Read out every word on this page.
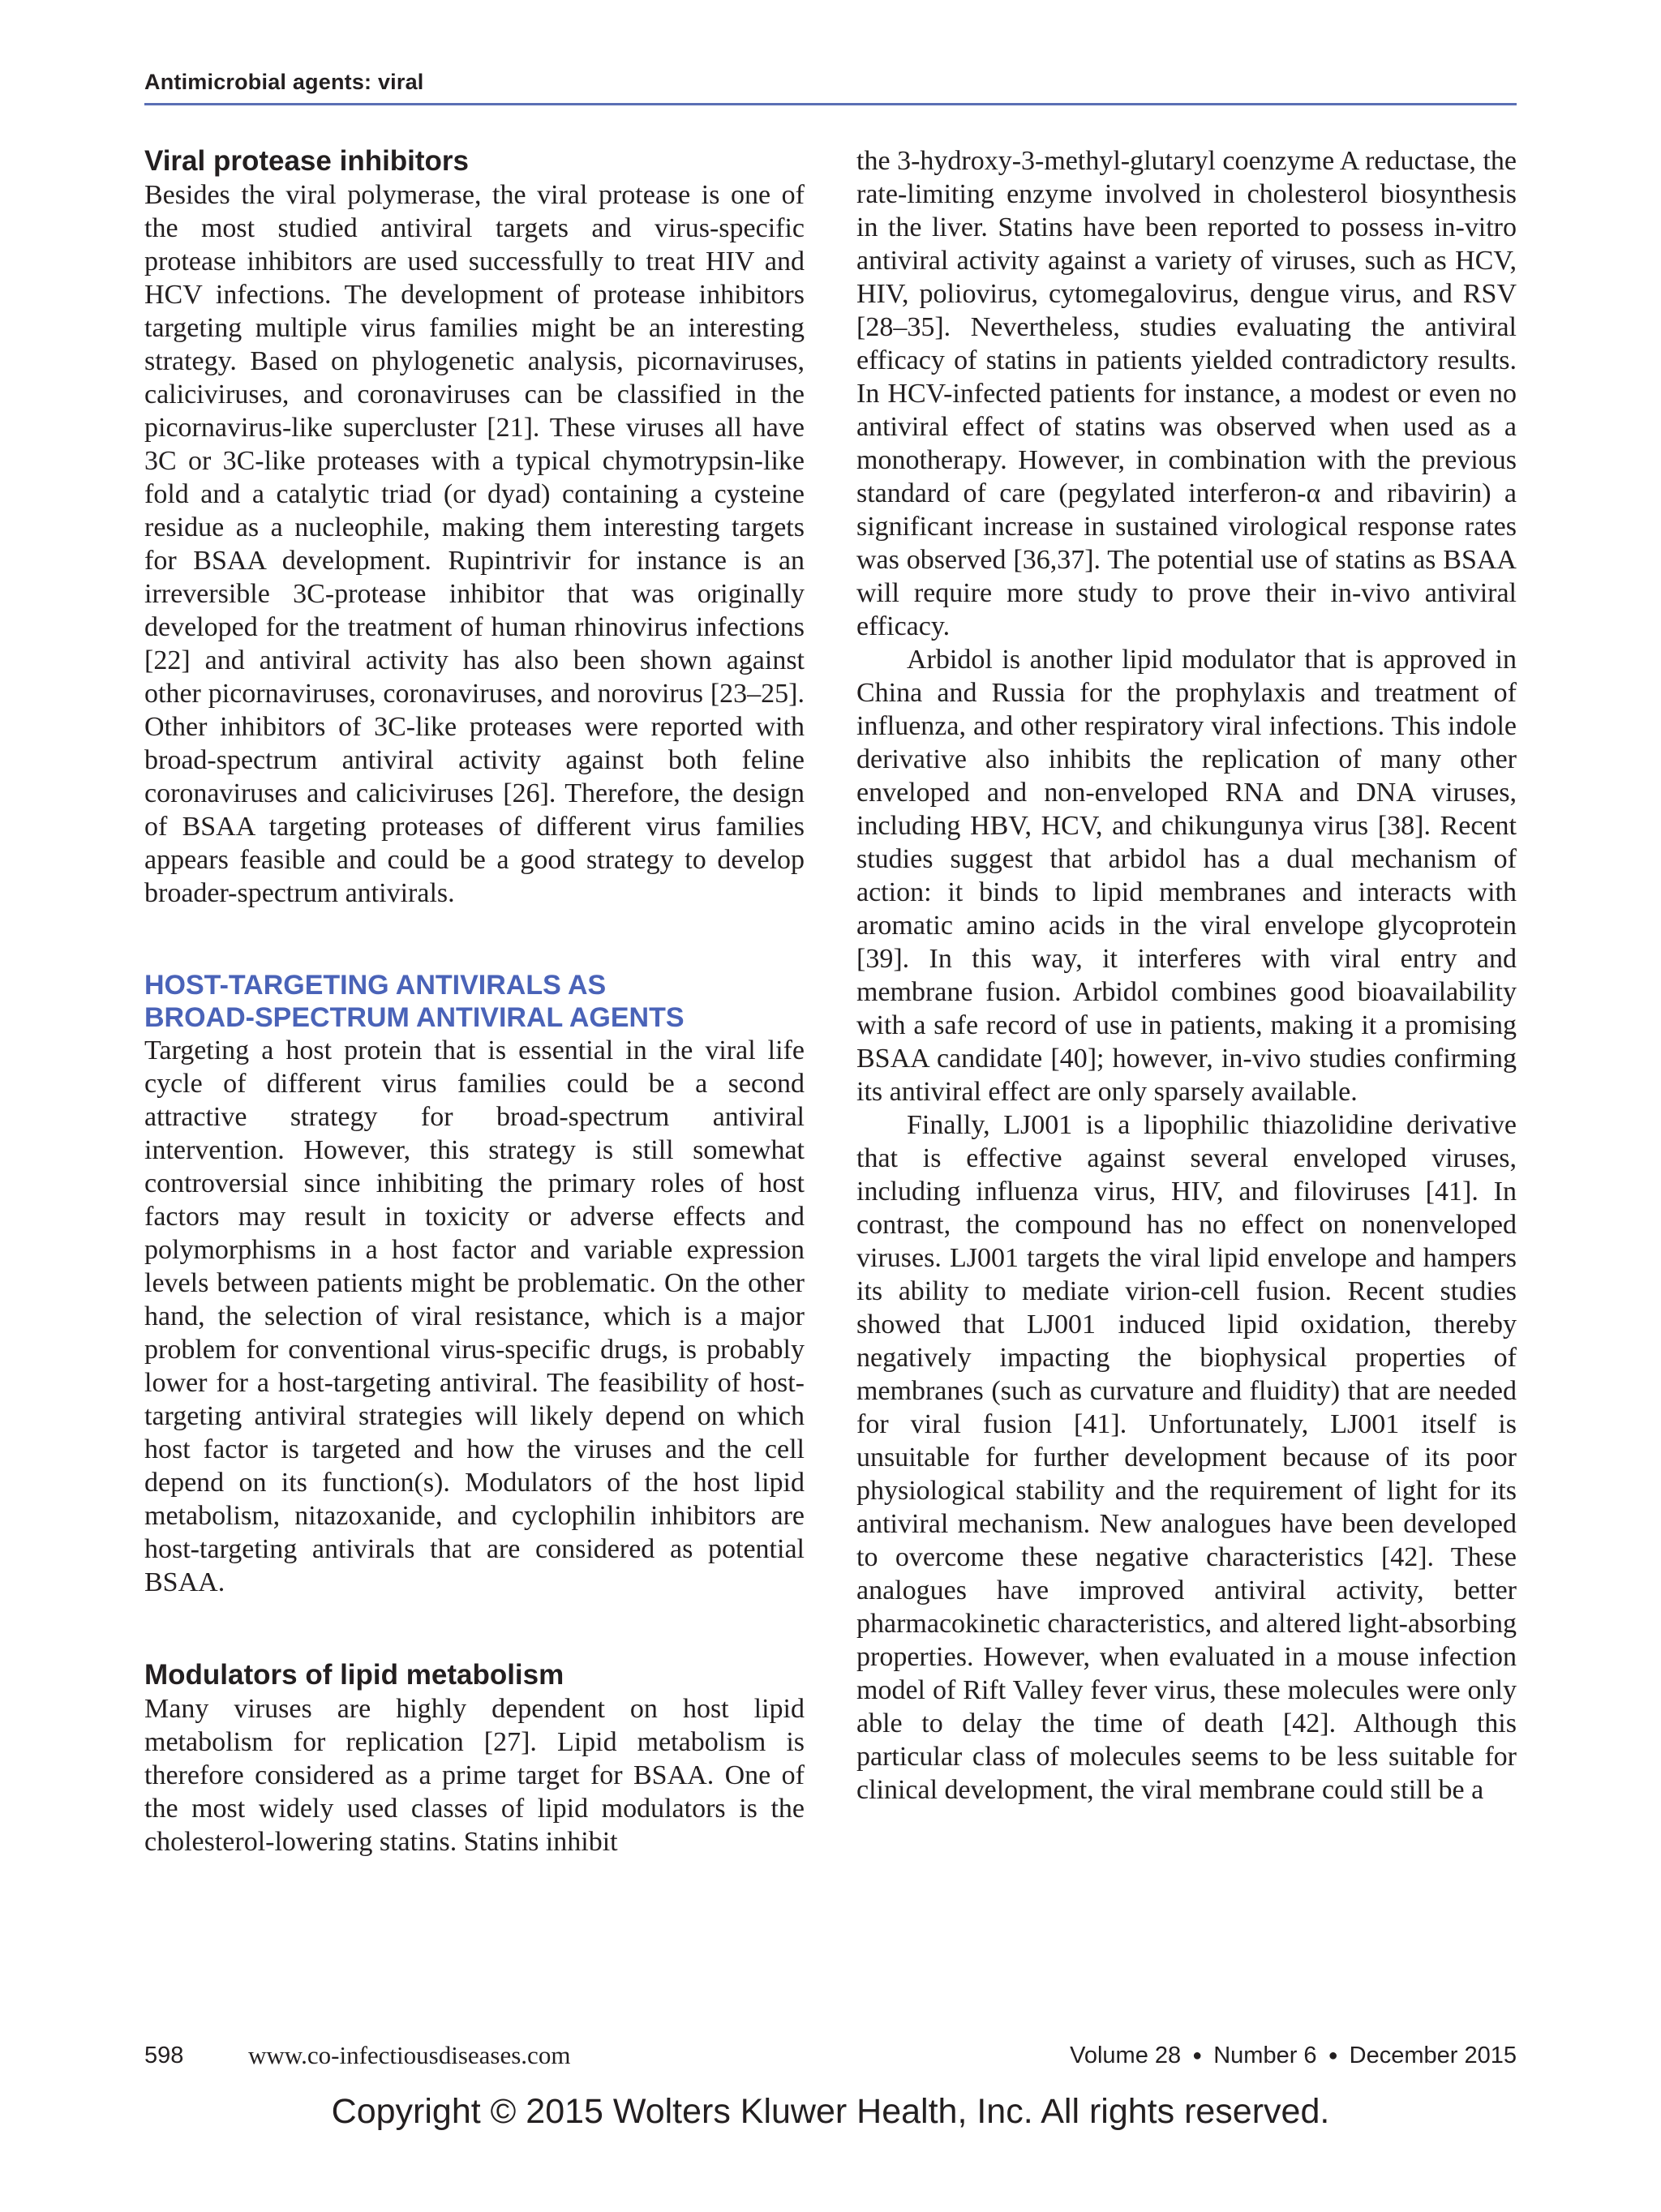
Antimicrobial agents: viral
Viral protease inhibitors

Besides the viral polymerase, the viral protease is one of the most studied antiviral targets and virus-specific protease inhibitors are used successfully to treat HIV and HCV infections. The development of protease inhibitors targeting multiple virus families might be an interesting strategy. Based on phylogenetic analysis, picornaviruses, caliciviruses, and coronaviruses can be classified in the picornavirus-like supercluster [21]. These viruses all have 3C or 3C-like proteases with a typical chymotrypsin-like fold and a catalytic triad (or dyad) containing a cysteine residue as a nucleophile, making them interesting targets for BSAA development. Rupintrivir for instance is an irreversible 3C-protease inhibitor that was originally developed for the treatment of human rhinovirus infections [22] and antiviral activity has also been shown against other picornaviruses, coronaviruses, and norovirus [23–25]. Other inhibitors of 3C-like proteases were reported with broad-spectrum antiviral activity against both feline coronaviruses and caliciviruses [26]. Therefore, the design of BSAA targeting proteases of different virus families appears feasible and could be a good strategy to develop broader-spectrum antivirals.

HOST-TARGETING ANTIVIRALS AS
BROAD-SPECTRUM ANTIVIRAL AGENTS

Targeting a host protein that is essential in the viral life cycle of different virus families could be a second attractive strategy for broad-spectrum antiviral intervention. However, this strategy is still somewhat controversial since inhibiting the primary roles of host factors may result in toxicity or adverse effects and polymorphisms in a host factor and variable expression levels between patients might be problematic. On the other hand, the selection of viral resistance, which is a major problem for conventional virus-specific drugs, is probably lower for a host-targeting antiviral. The feasibility of host-targeting antiviral strategies will likely depend on which host factor is targeted and how the viruses and the cell depend on its function(s). Modulators of the host lipid metabolism, nitazoxanide, and cyclophilin inhibitors are host-targeting antivirals that are considered as potential BSAA.

Modulators of lipid metabolism

Many viruses are highly dependent on host lipid metabolism for replication [27]. Lipid metabolism is therefore considered as a prime target for BSAA. One of the most widely used classes of lipid modulators is the cholesterol-lowering statins. Statins inhibit

the 3-hydroxy-3-methyl-glutaryl coenzyme A reductase, the rate-limiting enzyme involved in cholesterol biosynthesis in the liver. Statins have been reported to possess in-vitro antiviral activity against a variety of viruses, such as HCV, HIV, poliovirus, cytomegalovirus, dengue virus, and RSV [28–35]. Nevertheless, studies evaluating the antiviral efficacy of statins in patients yielded contradictory results. In HCV-infected patients for instance, a modest or even no antiviral effect of statins was observed when used as a monotherapy. However, in combination with the previous standard of care (pegylated interferon-α and ribavirin) a significant increase in sustained virological response rates was observed [36,37]. The potential use of statins as BSAA will require more study to prove their in-vivo antiviral efficacy.

Arbidol is another lipid modulator that is approved in China and Russia for the prophylaxis and treatment of influenza, and other respiratory viral infections. This indole derivative also inhibits the replication of many other enveloped and non-enveloped RNA and DNA viruses, including HBV, HCV, and chikungunya virus [38]. Recent studies suggest that arbidol has a dual mechanism of action: it binds to lipid membranes and interacts with aromatic amino acids in the viral envelope glycoprotein [39]. In this way, it interferes with viral entry and membrane fusion. Arbidol combines good bioavailability with a safe record of use in patients, making it a promising BSAA candidate [40]; however, in-vivo studies confirming its antiviral effect are only sparsely available.

Finally, LJ001 is a lipophilic thiazolidine derivative that is effective against several enveloped viruses, including influenza virus, HIV, and filoviruses [41]. In contrast, the compound has no effect on nonenveloped viruses. LJ001 targets the viral lipid envelope and hampers its ability to mediate virion-cell fusion. Recent studies showed that LJ001 induced lipid oxidation, thereby negatively impacting the biophysical properties of membranes (such as curvature and fluidity) that are needed for viral fusion [41]. Unfortunately, LJ001 itself is unsuitable for further development because of its poor physiological stability and the requirement of light for its antiviral mechanism. New analogues have been developed to overcome these negative characteristics [42]. These analogues have improved antiviral activity, better pharmacokinetic characteristics, and altered light-absorbing properties. However, when evaluated in a mouse infection model of Rift Valley fever virus, these molecules were only able to delay the time of death [42]. Although this particular class of molecules seems to be less suitable for clinical development, the viral membrane could still be a

598	www.co-infectiousdiseases.com	Volume 28 ● Number 6 ● December 2015
Copyright © 2015 Wolters Kluwer Health, Inc. All rights reserved.
